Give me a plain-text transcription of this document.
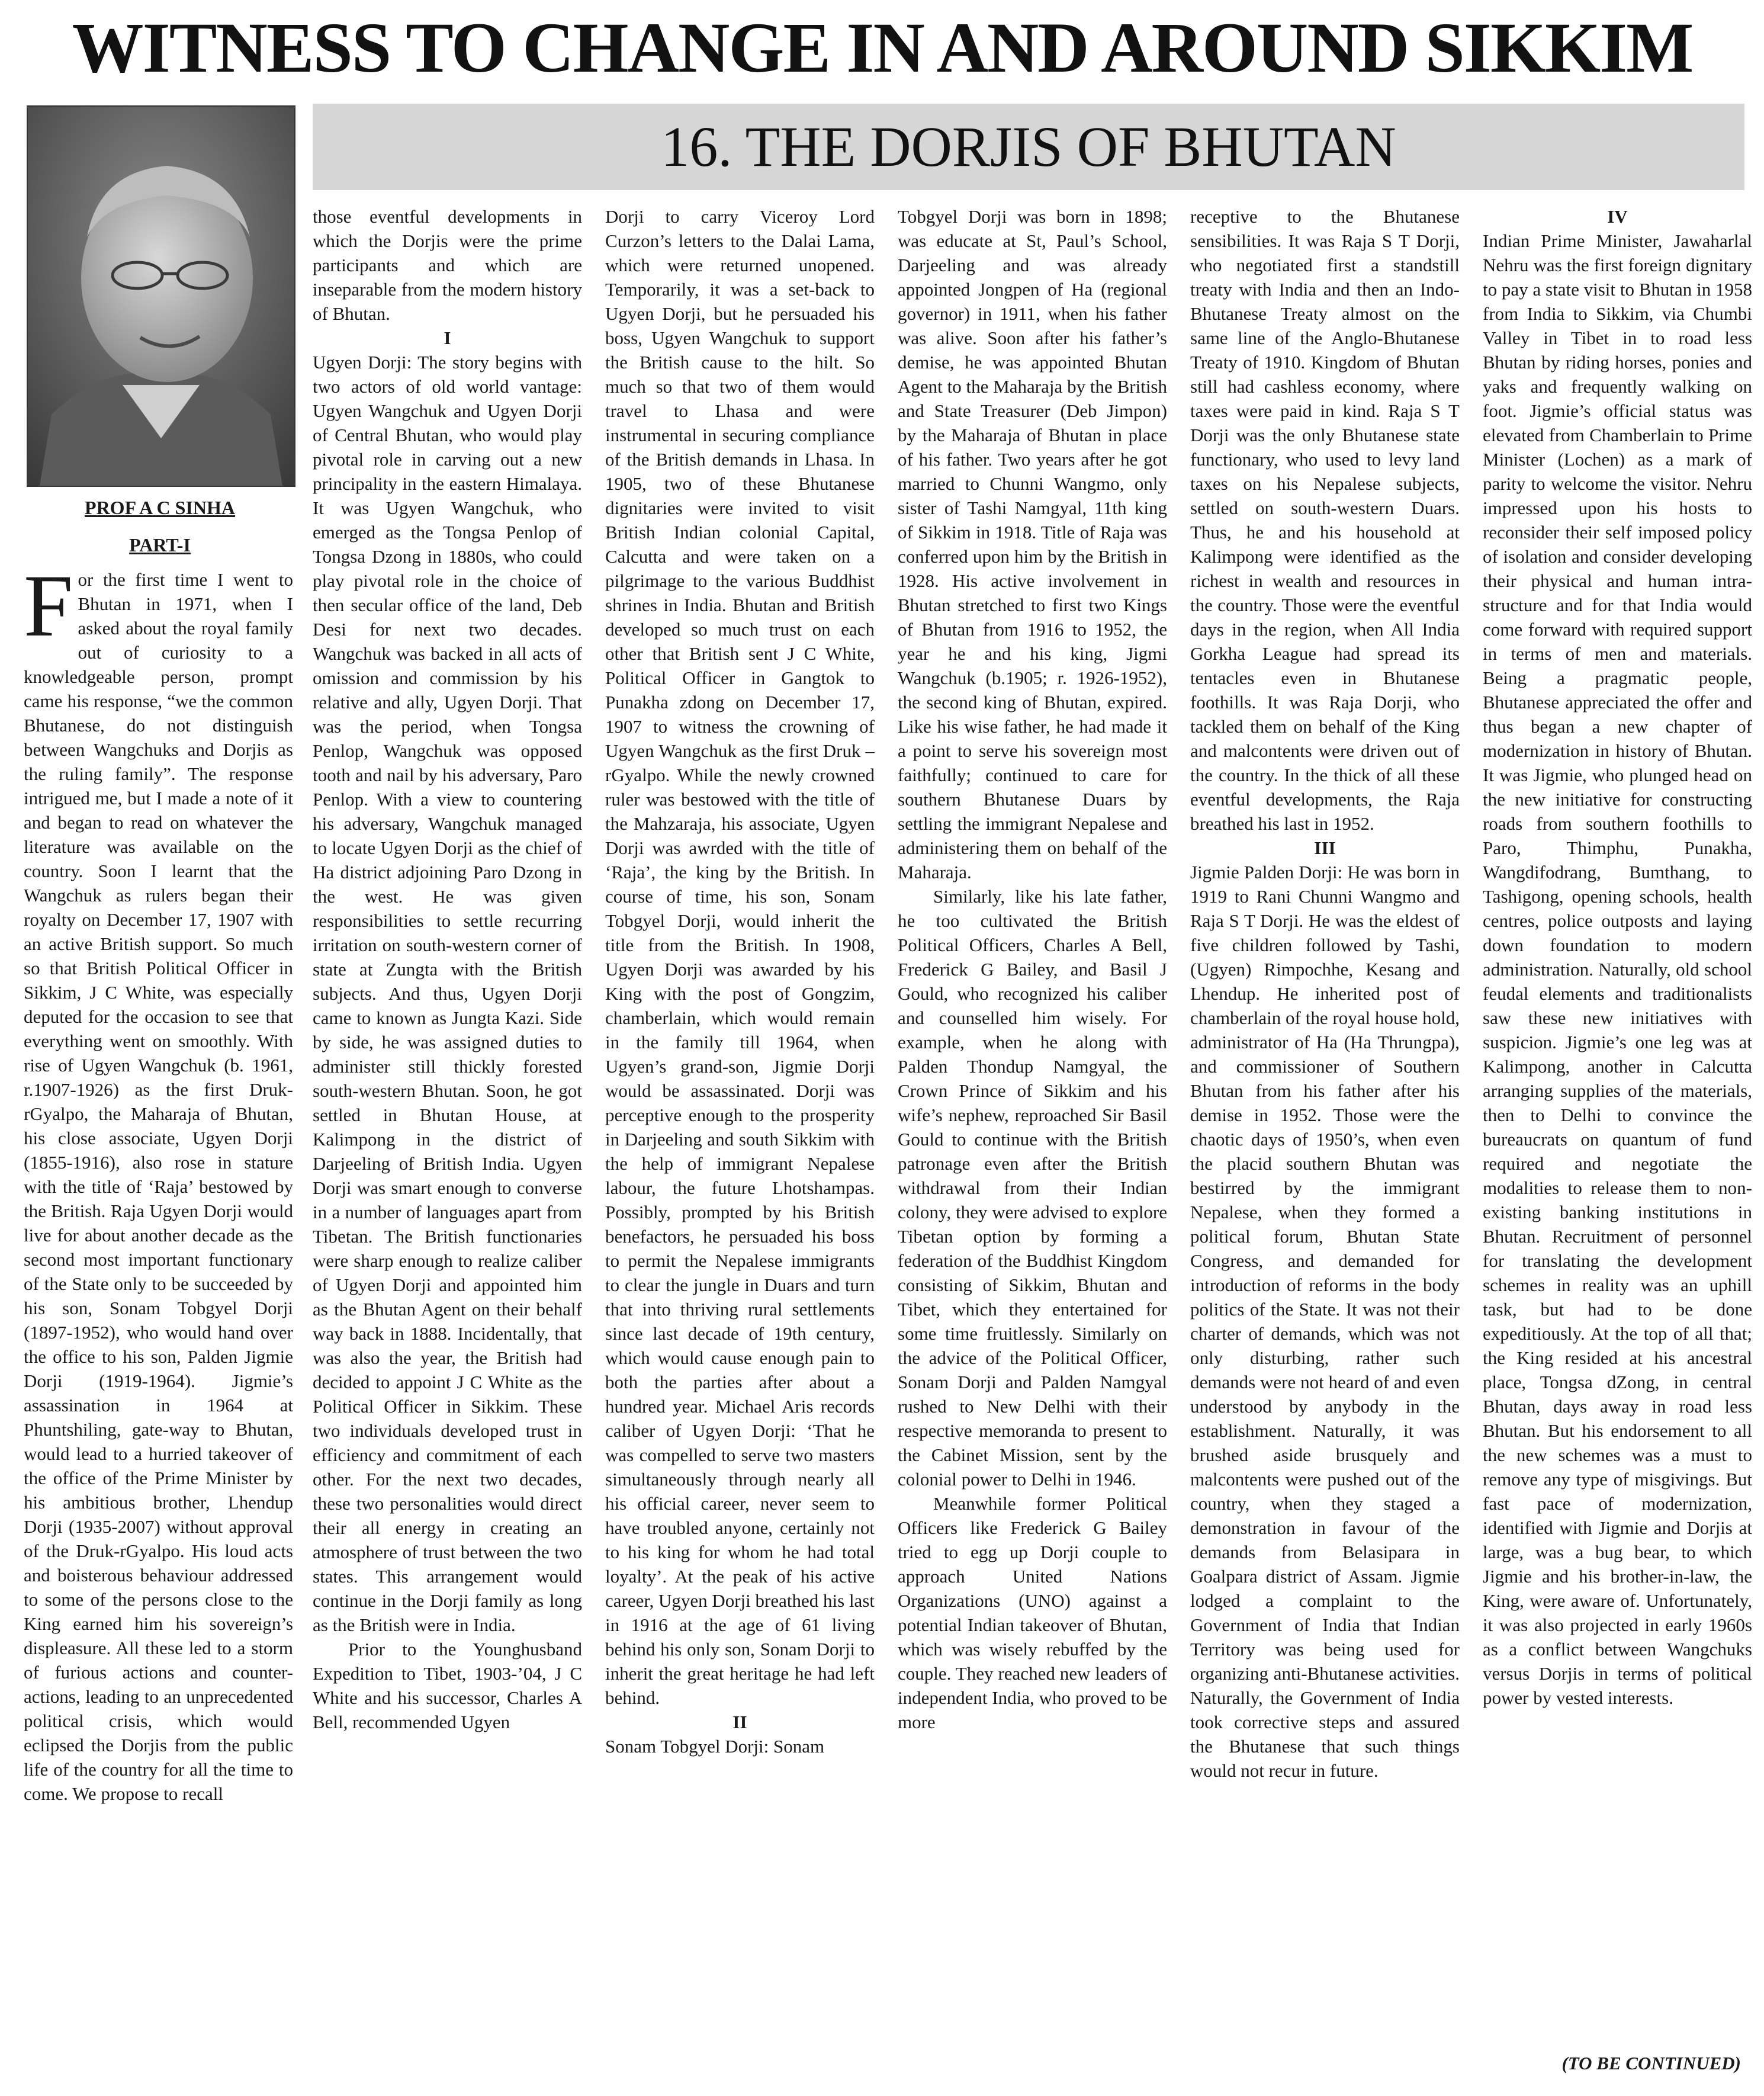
WITNESS TO CHANGE IN AND AROUND SIKKIM
16. THE DORJIS OF BHUTAN
PROF A C SINHA
PART-I

For the first time I went to Bhutan in 1971, when I asked about the royal family out of curiosity to a knowledgeable person, prompt came his response, “we the common Bhutanese, do not distinguish between Wangchuks and Dorjis as the ruling family”. The response intrigued me, but I made a note of it and began to read on whatever the literature was available on the country. Soon I learnt that the Wangchuk as rulers began their royalty on December 17, 1907 with an active British support. So much so that British Political Officer in Sikkim, J C White, was especially deputed for the occasion to see that everything went on smoothly. With rise of Ugyen Wangchuk (b. 1961, r.1907-1926) as the first Druk-rGyalpo, the Maharaja of Bhutan, his close associate, Ugyen Dorji (1855-1916), also rose in stature with the title of ‘Raja’ bestowed by the British. Raja Ugyen Dorji would live for about another decade as the second most important functionary of the State only to be succeeded by his son, Sonam Tobgyel Dorji (1897-1952), who would hand over the office to his son, Palden Jigmie Dorji (1919-1964). Jigmie’s assassination in 1964 at Phuntshiling, gate-way to Bhutan, would lead to a hurried takeover of the office of the Prime Minister by his ambitious brother, Lhendup Dorji (1935-2007) without approval of the Druk-rGyalpo. His loud acts and boisterous behaviour addressed to some of the persons close to the King earned him his sovereign’s displeasure. All these led to a storm of furious actions and counter-actions, leading to an unprecedented political crisis, which would eclipsed the Dorjis from the public life of the country for all the time to come. We propose to recall

those eventful developments in which the Dorjis were the prime participants and which are inseparable from the modern history of Bhutan.

I

Ugyen Dorji: The story begins with two actors of old world vantage: Ugyen Wangchuk and Ugyen Dorji of Central Bhutan, who would play pivotal role in carving out a new principality in the eastern Himalaya. It was Ugyen Wangchuk, who emerged as the Tongsa Penlop of Tongsa Dzong in 1880s, who could play pivotal role in the choice of then secular office of the land, Deb Desi for next two decades. Wangchuk was backed in all acts of omission and commission by his relative and ally, Ugyen Dorji. That was the period, when Tongsa Penlop, Wangchuk was opposed tooth and nail by his adversary, Paro Penlop. With a view to countering his adversary, Wangchuk managed to locate Ugyen Dorji as the chief of Ha district adjoining Paro Dzong in the west. He was given responsibilities to settle recurring irritation on south-western corner of state at Zungta with the British subjects. And thus, Ugyen Dorji came to known as Jungta Kazi. Side by side, he was assigned duties to administer still thickly forested south-western Bhutan. Soon, he got settled in Bhutan House, at Kalimpong in the district of Darjeeling of British India. Ugyen Dorji was smart enough to converse in a number of languages apart from Tibetan. The British functionaries were sharp enough to realize caliber of Ugyen Dorji and appointed him as the Bhutan Agent on their behalf way back in 1888. Incidentally, that was also the year, the British had decided to appoint J C White as the Political Officer in Sikkim. These two individuals developed trust in efficiency and commitment of each other. For the next two decades, these two personalities would direct their all energy in creating an atmosphere of trust between the two states. This arrangement would continue in the Dorji family as long as the British were in India.

Prior to the Younghusband Expedition to Tibet, 1903-’04, J C White and his successor, Charles A Bell, recommended Ugyen

Dorji to carry Viceroy Lord Curzon’s letters to the Dalai Lama, which were returned unopened. Temporarily, it was a set-back to Ugyen Dorji, but he persuaded his boss, Ugyen Wangchuk to support the British cause to the hilt. So much so that two of them would travel to Lhasa and were instrumental in securing compliance of the British demands in Lhasa. In 1905, two of these Bhutanese dignitaries were invited to visit British Indian colonial Capital, Calcutta and were taken on a pilgrimage to the various Buddhist shrines in India. Bhutan and British developed so much trust on each other that British sent J C White, Political Officer in Gangtok to Punakha zdong on December 17, 1907 to witness the crowning of Ugyen Wangchuk as the first Druk – rGyalpo. While the newly crowned ruler was bestowed with the title of the Mahzaraja, his associate, Ugyen Dorji was awrded with the title of ‘Raja’, the king by the British. In course of time, his son, Sonam Tobgyel Dorji, would inherit the title from the British. In 1908, Ugyen Dorji was awarded by his King with the post of Gongzim, chamberlain, which would remain in the family till 1964, when Ugyen’s grand-son, Jigmie Dorji would be assassinated. Dorji was perceptive enough to the prosperity in Darjeeling and south Sikkim with the help of immigrant Nepalese labour, the future Lhotshampas. Possibly, prompted by his British benefactors, he persuaded his boss to permit the Nepalese immigrants to clear the jungle in Duars and turn that into thriving rural settlements since last decade of 19th century, which would cause enough pain to both the parties after about a hundred year. Michael Aris records caliber of Ugyen Dorji: ‘That he was compelled to serve two masters simultaneously through nearly all his official career, never seem to have troubled anyone, certainly not to his king for whom he had total loyalty’. At the peak of his active career, Ugyen Dorji breathed his last in 1916 at the age of 61 living behind his only son, Sonam Dorji to inherit the great heritage he had left behind.

II

Sonam Tobgyel Dorji: Sonam

Tobgyel Dorji was born in 1898; was educate at St, Paul’s School, Darjeeling and was already appointed Jongpen of Ha (regional governor) in 1911, when his father was alive. Soon after his father’s demise, he was appointed Bhutan Agent to the Maharaja by the British and State Treasurer (Deb Jimpon) by the Maharaja of Bhutan in place of his father. Two years after he got married to Chunni Wangmo, only sister of Tashi Namgyal, 11th king of Sikkim in 1918. Title of Raja was conferred upon him by the British in 1928. His active involvement in Bhutan stretched to first two Kings of Bhutan from 1916 to 1952, the year he and his king, Jigmi Wangchuk (b.1905; r. 1926-1952), the second king of Bhutan, expired. Like his wise father, he had made it a point to serve his sovereign most faithfully; continued to care for southern Bhutanese Duars by settling the immigrant Nepalese and administering them on behalf of the Maharaja.

Similarly, like his late father, he too cultivated the British Political Officers, Charles A Bell, Frederick G Bailey, and Basil J Gould, who recognized his caliber and counselled him wisely. For example, when he along with Palden Thondup Namgyal, the Crown Prince of Sikkim and his wife’s nephew, reproached Sir Basil Gould to continue with the British patronage even after the British withdrawal from their Indian colony, they were advised to explore Tibetan option by forming a federation of the Buddhist Kingdom consisting of Sikkim, Bhutan and Tibet, which they entertained for some time fruitlessly. Similarly on the advice of the Political Officer, Sonam Dorji and Palden Namgyal rushed to New Delhi with their respective memoranda to present to the Cabinet Mission, sent by the colonial power to Delhi in 1946.

Meanwhile former Political Officers like Frederick G Bailey tried to egg up Dorji couple to approach United Nations Organizations (UNO) against a potential Indian takeover of Bhutan, which was wisely rebuffed by the couple. They reached new leaders of independent India, who proved to be more

receptive to the Bhutanese sensibilities. It was Raja S T Dorji, who negotiated first a standstill treaty with India and then an Indo-Bhutanese Treaty almost on the same line of the Anglo-Bhutanese Treaty of 1910. Kingdom of Bhutan still had cashless economy, where taxes were paid in kind. Raja S T Dorji was the only Bhutanese state functionary, who used to levy land taxes on his Nepalese subjects, settled on south-western Duars. Thus, he and his household at Kalimpong were identified as the richest in wealth and resources in the country. Those were the eventful days in the region, when All India Gorkha League had spread its tentacles even in Bhutanese foothills. It was Raja Dorji, who tackled them on behalf of the King and malcontents were driven out of the country. In the thick of all these eventful developments, the Raja breathed his last in 1952.

III

Jigmie Palden Dorji: He was born in 1919 to Rani Chunni Wangmo and Raja S T Dorji. He was the eldest of five children followed by Tashi, (Ugyen) Rimpochhe, Kesang and Lhendup. He inherited post of chamberlain of the royal house hold, administrator of Ha (Ha Thrungpa), and commissioner of Southern Bhutan from his father after his demise in 1952. Those were the chaotic days of 1950’s, when even the placid southern Bhutan was bestirred by the immigrant Nepalese, when they formed a political forum, Bhutan State Congress, and demanded for introduction of reforms in the body politics of the State. It was not their charter of demands, which was not only disturbing, rather such demands were not heard of and even understood by anybody in the establishment. Naturally, it was brushed aside brusquely and malcontents were pushed out of the country, when they staged a demonstration in favour of the demands from Belasipara in Goalpara district of Assam. Jigmie lodged a complaint to the Government of India that Indian Territory was being used for organizing anti-Bhutanese activities. Naturally, the Government of India took corrective steps and assured the Bhutanese that such things would not recur in future.

IV

Indian Prime Minister, Jawaharlal Nehru was the first foreign dignitary to pay a state visit to Bhutan in 1958 from India to Sikkim, via Chumbi Valley in Tibet in to road less Bhutan by riding horses, ponies and yaks and frequently walking on foot. Jigmie’s official status was elevated from Chamberlain to Prime Minister (Lochen) as a mark of parity to welcome the visitor. Nehru impressed upon his hosts to reconsider their self imposed policy of isolation and consider developing their physical and human intra-structure and for that India would come forward with required support in terms of men and materials. Being a pragmatic people, Bhutanese appreciated the offer and thus began a new chapter of modernization in history of Bhutan. It was Jigmie, who plunged head on the new initiative for constructing roads from southern foothills to Paro, Thimphu, Punakha, Wangdifodrang, Bumthang, to Tashigong, opening schools, health centres, police outposts and laying down foundation to modern administration. Naturally, old school feudal elements and traditionalists saw these new initiatives with suspicion. Jigmie’s one leg was at Kalimpong, another in Calcutta arranging supplies of the materials, then to Delhi to convince the bureaucrats on quantum of fund required and negotiate the modalities to release them to non-existing banking institutions in Bhutan. Recruitment of personnel for translating the development schemes in reality was an uphill task, but had to be done expeditiously. At the top of all that; the King resided at his ancestral place, Tongsa dZong, in central Bhutan, days away in road less Bhutan. But his endorsement to all the new schemes was a must to remove any type of misgivings. But fast pace of modernization, identified with Jigmie and Dorjis at large, was a bug bear, to which Jigmie and his brother-in-law, the King, were aware of. Unfortunately, it was also projected in early 1960s as a conflict between Wangchuks versus Dorjis in terms of political power by vested interests.

(TO BE CONTINUED)
